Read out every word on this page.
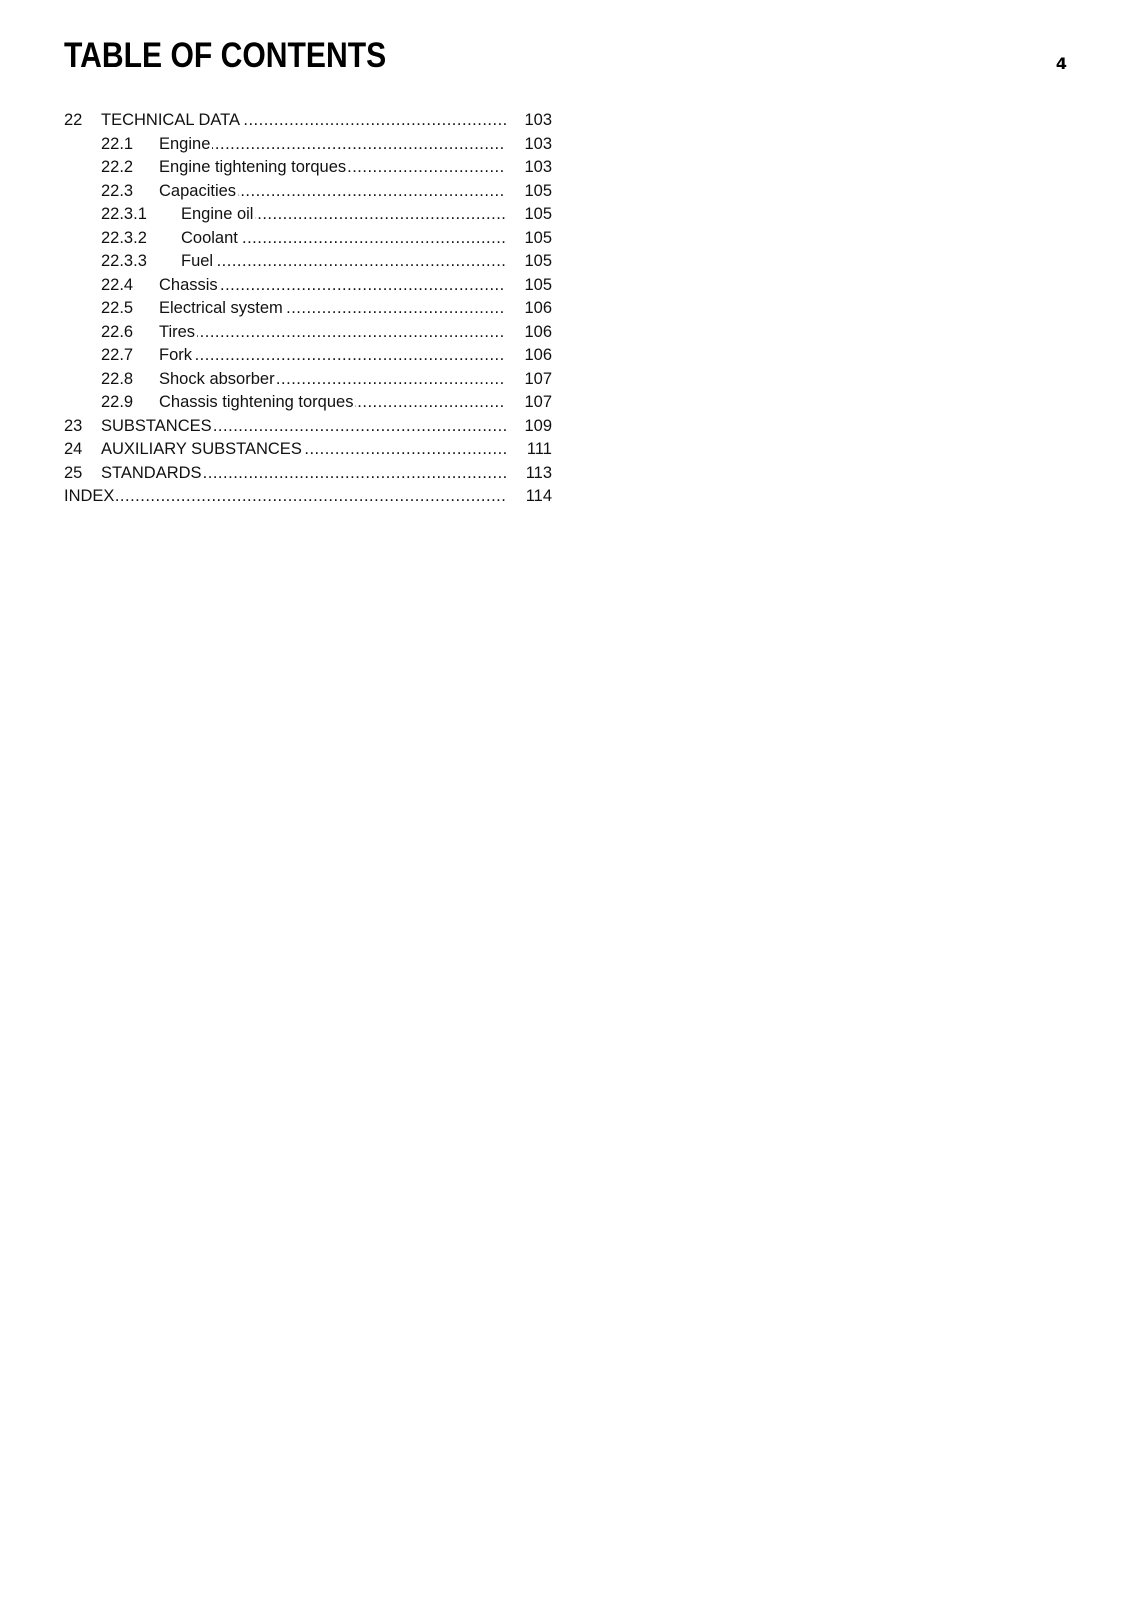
TABLE OF CONTENTS	4
22 TECHNICAL DATA .....	103
22.1 Engine .....	103
22.2 Engine tightening torques .....	103
22.3 Capacities .....	105
22.3.1 Engine oil .....	105
22.3.2 Coolant .....	105
22.3.3 Fuel .....	105
22.4 Chassis .....	105
22.5 Electrical system .....	106
22.6 Tires .....	106
22.7 Fork .....	106
22.8 Shock absorber .....	107
22.9 Chassis tightening torques .....	107
23 SUBSTANCES .....	109
24 AUXILIARY SUBSTANCES .....	111
25 STANDARDS .....	113
INDEX .....	114
